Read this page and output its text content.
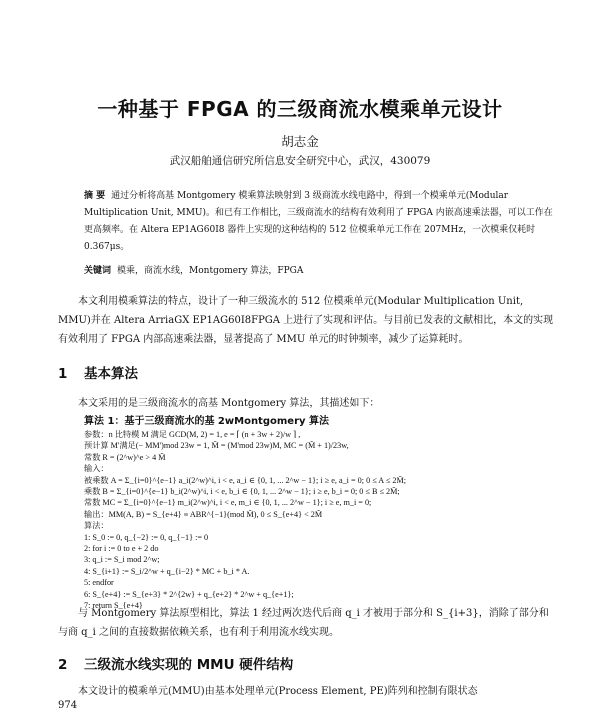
一种基于 FPGA 的三级商流水模乘单元设计
胡志金
武汉船舶通信研究所信息安全研究中心，武汉，430079
摘 要 通过分析将高基 Montgomery 模乘算法映射到 3 级商流水线电路中，得到一个模乘单元(Modular Multiplication Unit, MMU)。和已有工作相比，三级商流水的结构有效利用了 FPGA 内嵌高速乘法器，可以工作在更高频率。在 Altera EP1AG60I8 器件上实现的这种结构的 512 位模乘单元工作在 207MHz，一次模乘仅耗时 0.367μs。
关键词 模乘，商流水线，Montgomery 算法，FPGA
本文利用模乘算法的特点，设计了一种三级流水的 512 位模乘单元(Modular Multiplication Unit, MMU)并在 Altera ArriaGX EP1AG60I8FPGA 上进行了实现和评估。与目前已发表的文献相比，本文的实现有效利用了 FPGA 内部高速乘法器，显著提高了 MMU 单元的时钟频率，减少了运算耗时。
1 基本算法
本文采用的是三级商流水的高基 Montgomery 算法，其描述如下：
算法 1：基于三级商流水的基 2wMontgomery 算法
参数：n 比特模 M 满足 GCD(M, 2) = 1, e = ⌈ (n + 3w + 2)/w ⌉ ,
预计算 M'满足(− MM')mod 23w = 1, M̃ = (M'mod 23w)M, MC = (M̃ + 1)/23w,
常数 R = (2^w)^e > 4 M̃
输入：
被乘数 A = Σ_{i=0}^{e−1} a_i(2^w)^i, i < e, a_i ∈ {0, 1, ... 2^w − 1}; i ≥ e, a_i = 0; 0 ≤ A ≤ 2M̃;
乘数 B = Σ_{i=0}^{e−1} b_i(2^w)^i, i < e, b_i ∈ {0, 1, ... 2^w − 1}; i ≥ e, b_i = 0; 0 ≤ B ≤ 2M̃;
常数 MC = Σ_{i=0}^{e−1} m_i(2^w)^i, i < e, m_i ∈ {0, 1, ... 2^w − 1}; i ≥ e, m_i = 0;
输出：MM(A, B) = S_{e+4} ≡ ABR^{−1}(mod M̃), 0 ≤ S_{e+4} < 2M̃
算法：
1: S_0 := 0, q_{−2} := 0, q_{−1} := 0
2: for i := 0 to e + 2 do
3: q_i := S_i mod 2^w;
4: S_{i+1} := S_i/2^w + q_{i−2} * MC + b_i * A.
5: endfor
6: S_{e+4} := S_{e+3} * 2^{2w} + q_{e+2} * 2^w + q_{e+1};
7: return S_{e+4}
与 Montgomery 算法原型相比，算法 1 经过两次迭代后商 q_i 才被用于部分和 S_{i+3}，消除了部分和与商 q_i 之间的直接数据依赖关系，也有利于利用流水线实现。
2 三级流水线实现的 MMU 硬件结构
本文设计的模乘单元(MMU)由基本处理单元(Process Element, PE)阵列和控制有限状态
974
